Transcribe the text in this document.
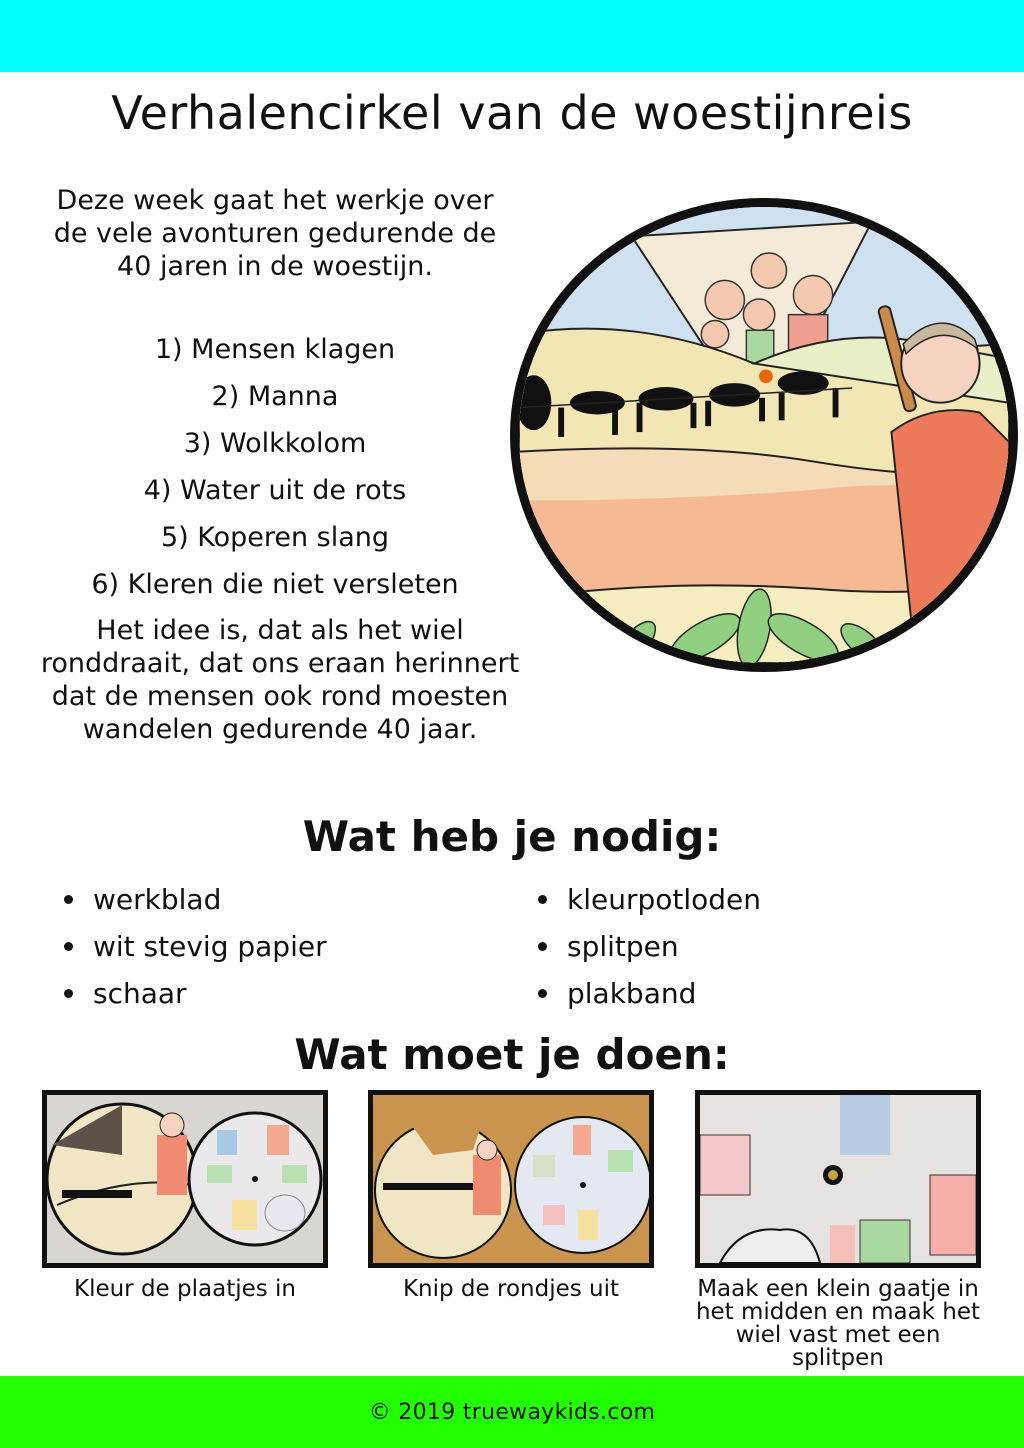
Verhalencirkel van de woestijnreis

Deze week gaat het werkje over de vele avonturen gedurende de 40 jaren in de woestijn.

1) Mensen klagen
2) Manna
3) Wolkkolom
4) Water uit de rots
5) Koperen slang
6) Kleren die niet versleten

Het idee is, dat als het wiel ronddraait, dat ons eraan herinnert dat de mensen ook rond moesten wandelen gedurende 40 jaar.

Wat heb je nodig:
werkblad
wit stevig papier
schaar
kleurpotloden
splitpen
plakband
Wat moet je doen:
Kleur de plaatjes in	Knip de rondjes uit	Maak een klein gaatje in het midden en maak het wiel vast met een splitpen
© 2019 truewaykids.com
